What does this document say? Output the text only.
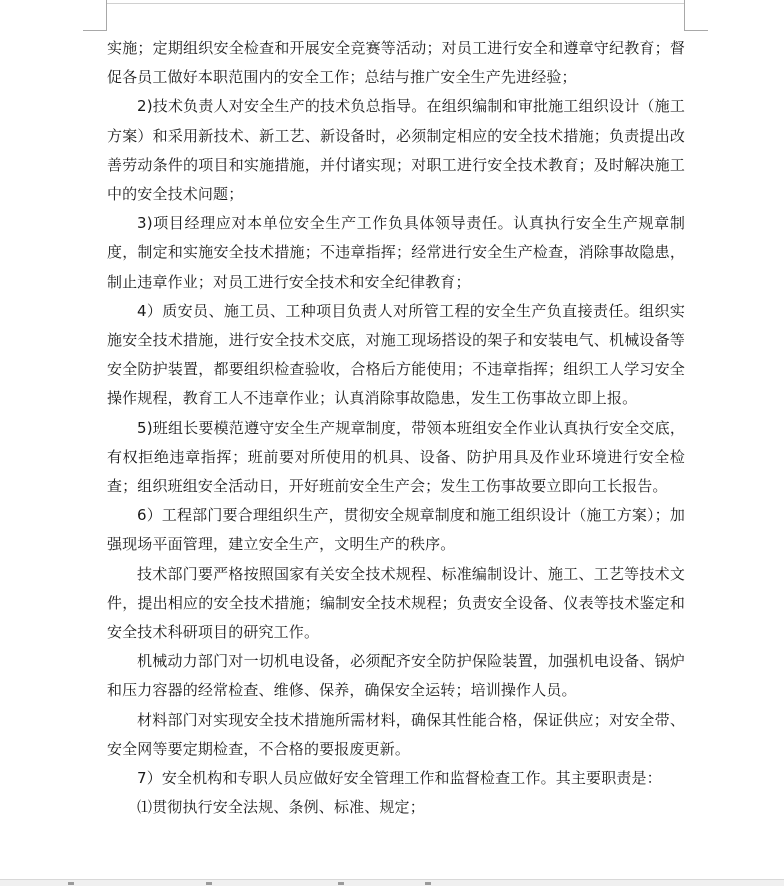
实施；定期组织安全检查和开展安全竞赛等活动；对员工进行安全和遵章守纪教育；督促各员工做好本职范围内的安全工作；总结与推广安全生产先进经验；

2)技术负责人对安全生产的技术负总指导。在组织编制和审批施工组织设计（施工方案）和采用新技术、新工艺、新设备时，必须制定相应的安全技术措施；负责提出改善劳动条件的项目和实施措施，并付诸实现；对职工进行安全技术教育；及时解决施工中的安全技术问题；

3)项目经理应对本单位安全生产工作负具体领导责任。认真执行安全生产规章制度，制定和实施安全技术措施；不违章指挥；经常进行安全生产检查，消除事故隐患，制止违章作业；对员工进行安全技术和安全纪律教育；

4）质安员、施工员、工种项目负责人对所管工程的安全生产负直接责任。组织实施安全技术措施，进行安全技术交底，对施工现场搭设的架子和安装电气、机械设备等安全防护装置，都要组织检查验收，合格后方能使用；不违章指挥；组织工人学习安全操作规程，教育工人不违章作业；认真消除事故隐患，发生工伤事故立即上报。

5)班组长要模范遵守安全生产规章制度，带领本班组安全作业认真执行安全交底，有权拒绝违章指挥；班前要对所使用的机具、设备、防护用具及作业环境进行安全检查；组织班组安全活动日，开好班前安全生产会；发生工伤事故要立即向工长报告。

6）工程部门要合理组织生产，贯彻安全规章制度和施工组织设计（施工方案）；加强现场平面管理，建立安全生产，文明生产的秩序。

技术部门要严格按照国家有关安全技术规程、标准编制设计、施工、工艺等技术文件，提出相应的安全技术措施；编制安全技术规程；负责安全设备、仪表等技术鉴定和安全技术科研项目的研究工作。

机械动力部门对一切机电设备，必须配齐安全防护保险装置，加强机电设备、锅炉和压力容器的经常检查、维修、保养，确保安全运转；培训操作人员。

材料部门对实现安全技术措施所需材料，确保其性能合格，保证供应；对安全带、安全网等要定期检查，不合格的要报废更新。

7）安全机构和专职人员应做好安全管理工作和监督检查工作。其主要职责是：

⑴贯彻执行安全法规、条例、标准、规定；
